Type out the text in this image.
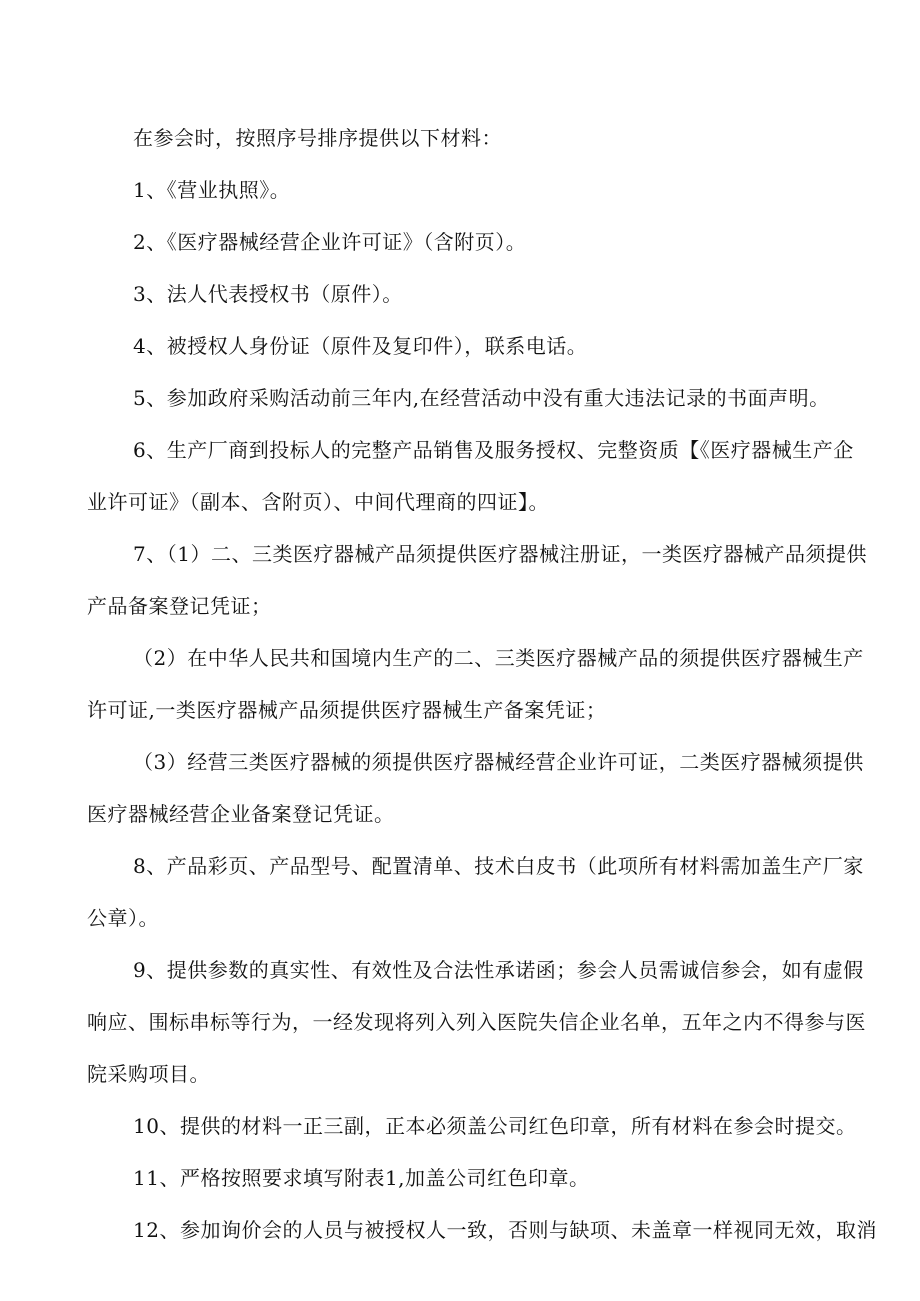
在参会时，按照序号排序提供以下材料：

1、《营业执照》。

2、《医疗器械经营企业许可证》（含附页）。

3、法人代表授权书（原件）。

4、被授权人身份证（原件及复印件），联系电话。

5、参加政府采购活动前三年内,在经营活动中没有重大违法记录的书面声明。

6、生产厂商到投标人的完整产品销售及服务授权、完整资质【《医疗器械生产企

业许可证》（副本、含附页）、中间代理商的四证】。

7、（1）二、三类医疗器械产品须提供医疗器械注册证，一类医疗器械产品须提供

产品备案登记凭证；

（2）在中华人民共和国境内生产的二、三类医疗器械产品的须提供医疗器械生产

许可证,一类医疗器械产品须提供医疗器械生产备案凭证；

（3）经营三类医疗器械的须提供医疗器械经营企业许可证，二类医疗器械须提供

医疗器械经营企业备案登记凭证。

8、产品彩页、产品型号、配置清单、技术白皮书（此项所有材料需加盖生产厂家

公章）。

9、提供参数的真实性、有效性及合法性承诺函；参会人员需诚信参会，如有虚假

响应、围标串标等行为，一经发现将列入列入医院失信企业名单，五年之内不得参与医

院采购项目。

10、提供的材料一正三副，正本必须盖公司红色印章，所有材料在参会时提交。

11、严格按照要求填写附表1,加盖公司红色印章。

12、参加询价会的人员与被授权人一致，否则与缺项、未盖章一样视同无效，取消
